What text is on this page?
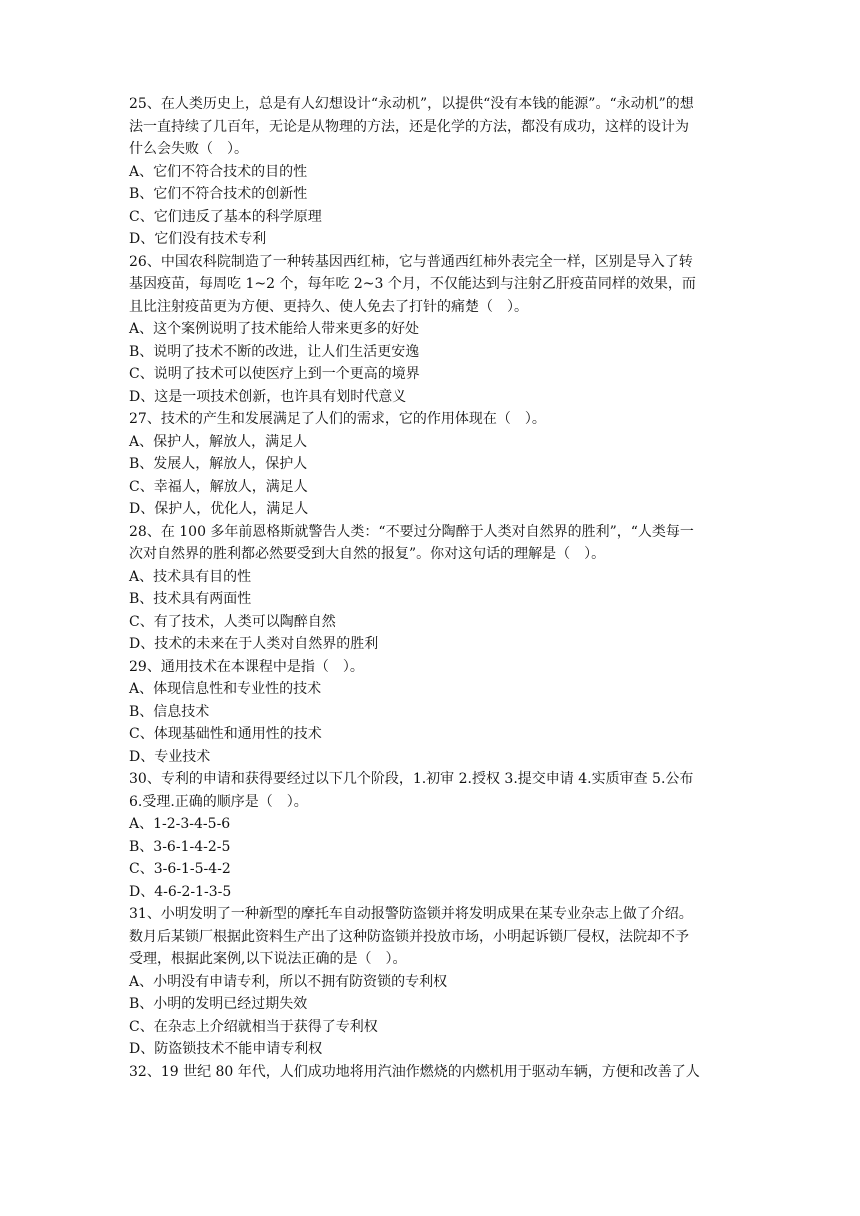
25、在人类历史上，总是有人幻想设计“永动机”，以提供“没有本钱的能源”。“永动机”的想

法一直持续了几百年，无论是从物理的方法，还是化学的方法，都没有成功，这样的设计为

什么会失败（　）。

A、它们不符合技术的目的性

B、它们不符合技术的创新性

C、它们违反了基本的科学原理

D、它们没有技术专利

26、中国农科院制造了一种转基因西红柿，它与普通西红柿外表完全一样，区别是导入了转

基因疫苗，每周吃 1~2 个，每年吃 2~3 个月，不仅能达到与注射乙肝疫苗同样的效果，而

且比注射疫苗更为方便、更持久、使人免去了打针的痛楚（　）。

A、这个案例说明了技术能给人带来更多的好处

B、说明了技术不断的改进，让人们生活更安逸

C、说明了技术可以使医疗上到一个更高的境界

D、这是一项技术创新，也许具有划时代意义

27、技术的产生和发展满足了人们的需求，它的作用体现在（　）。

A、保护人，解放人，满足人

B、发展人，解放人，保护人

C、幸福人，解放人，满足人

D、保护人，优化人，满足人

28、在 100 多年前恩格斯就警告人类：“不要过分陶醉于人类对自然界的胜利”，“人类每一

次对自然界的胜利都必然要受到大自然的报复”。你对这句话的理解是（　）。

A、技术具有目的性

B、技术具有两面性

C、有了技术，人类可以陶醉自然

D、技术的未来在于人类对自然界的胜利

29、通用技术在本课程中是指（　）。

A、体现信息性和专业性的技术

B、信息技术

C、体现基础性和通用性的技术

D、专业技术

30、专利的申请和获得要经过以下几个阶段，1.初审 2.授权 3.提交申请 4.实质审查 5.公布

6.受理.正确的顺序是（　）。

A、1-2-3-4-5-6

B、3-6-1-4-2-5

C、3-6-1-5-4-2

D、4-6-2-1-3-5

31、小明发明了一种新型的摩托车自动报警防盗锁并将发明成果在某专业杂志上做了介绍。

数月后某锁厂根据此资料生产出了这种防盗锁并投放市场，小明起诉锁厂侵权，法院却不予

受理，根据此案例,以下说法正确的是（　）。

A、小明没有申请专利，所以不拥有防资锁的专利权

B、小明的发明已经过期失效

C、在杂志上介绍就相当于获得了专利权

D、防盗锁技术不能申请专利权

32、19 世纪 80 年代，人们成功地将用汽油作燃烧的内燃机用于驱动车辆，方便和改善了人
